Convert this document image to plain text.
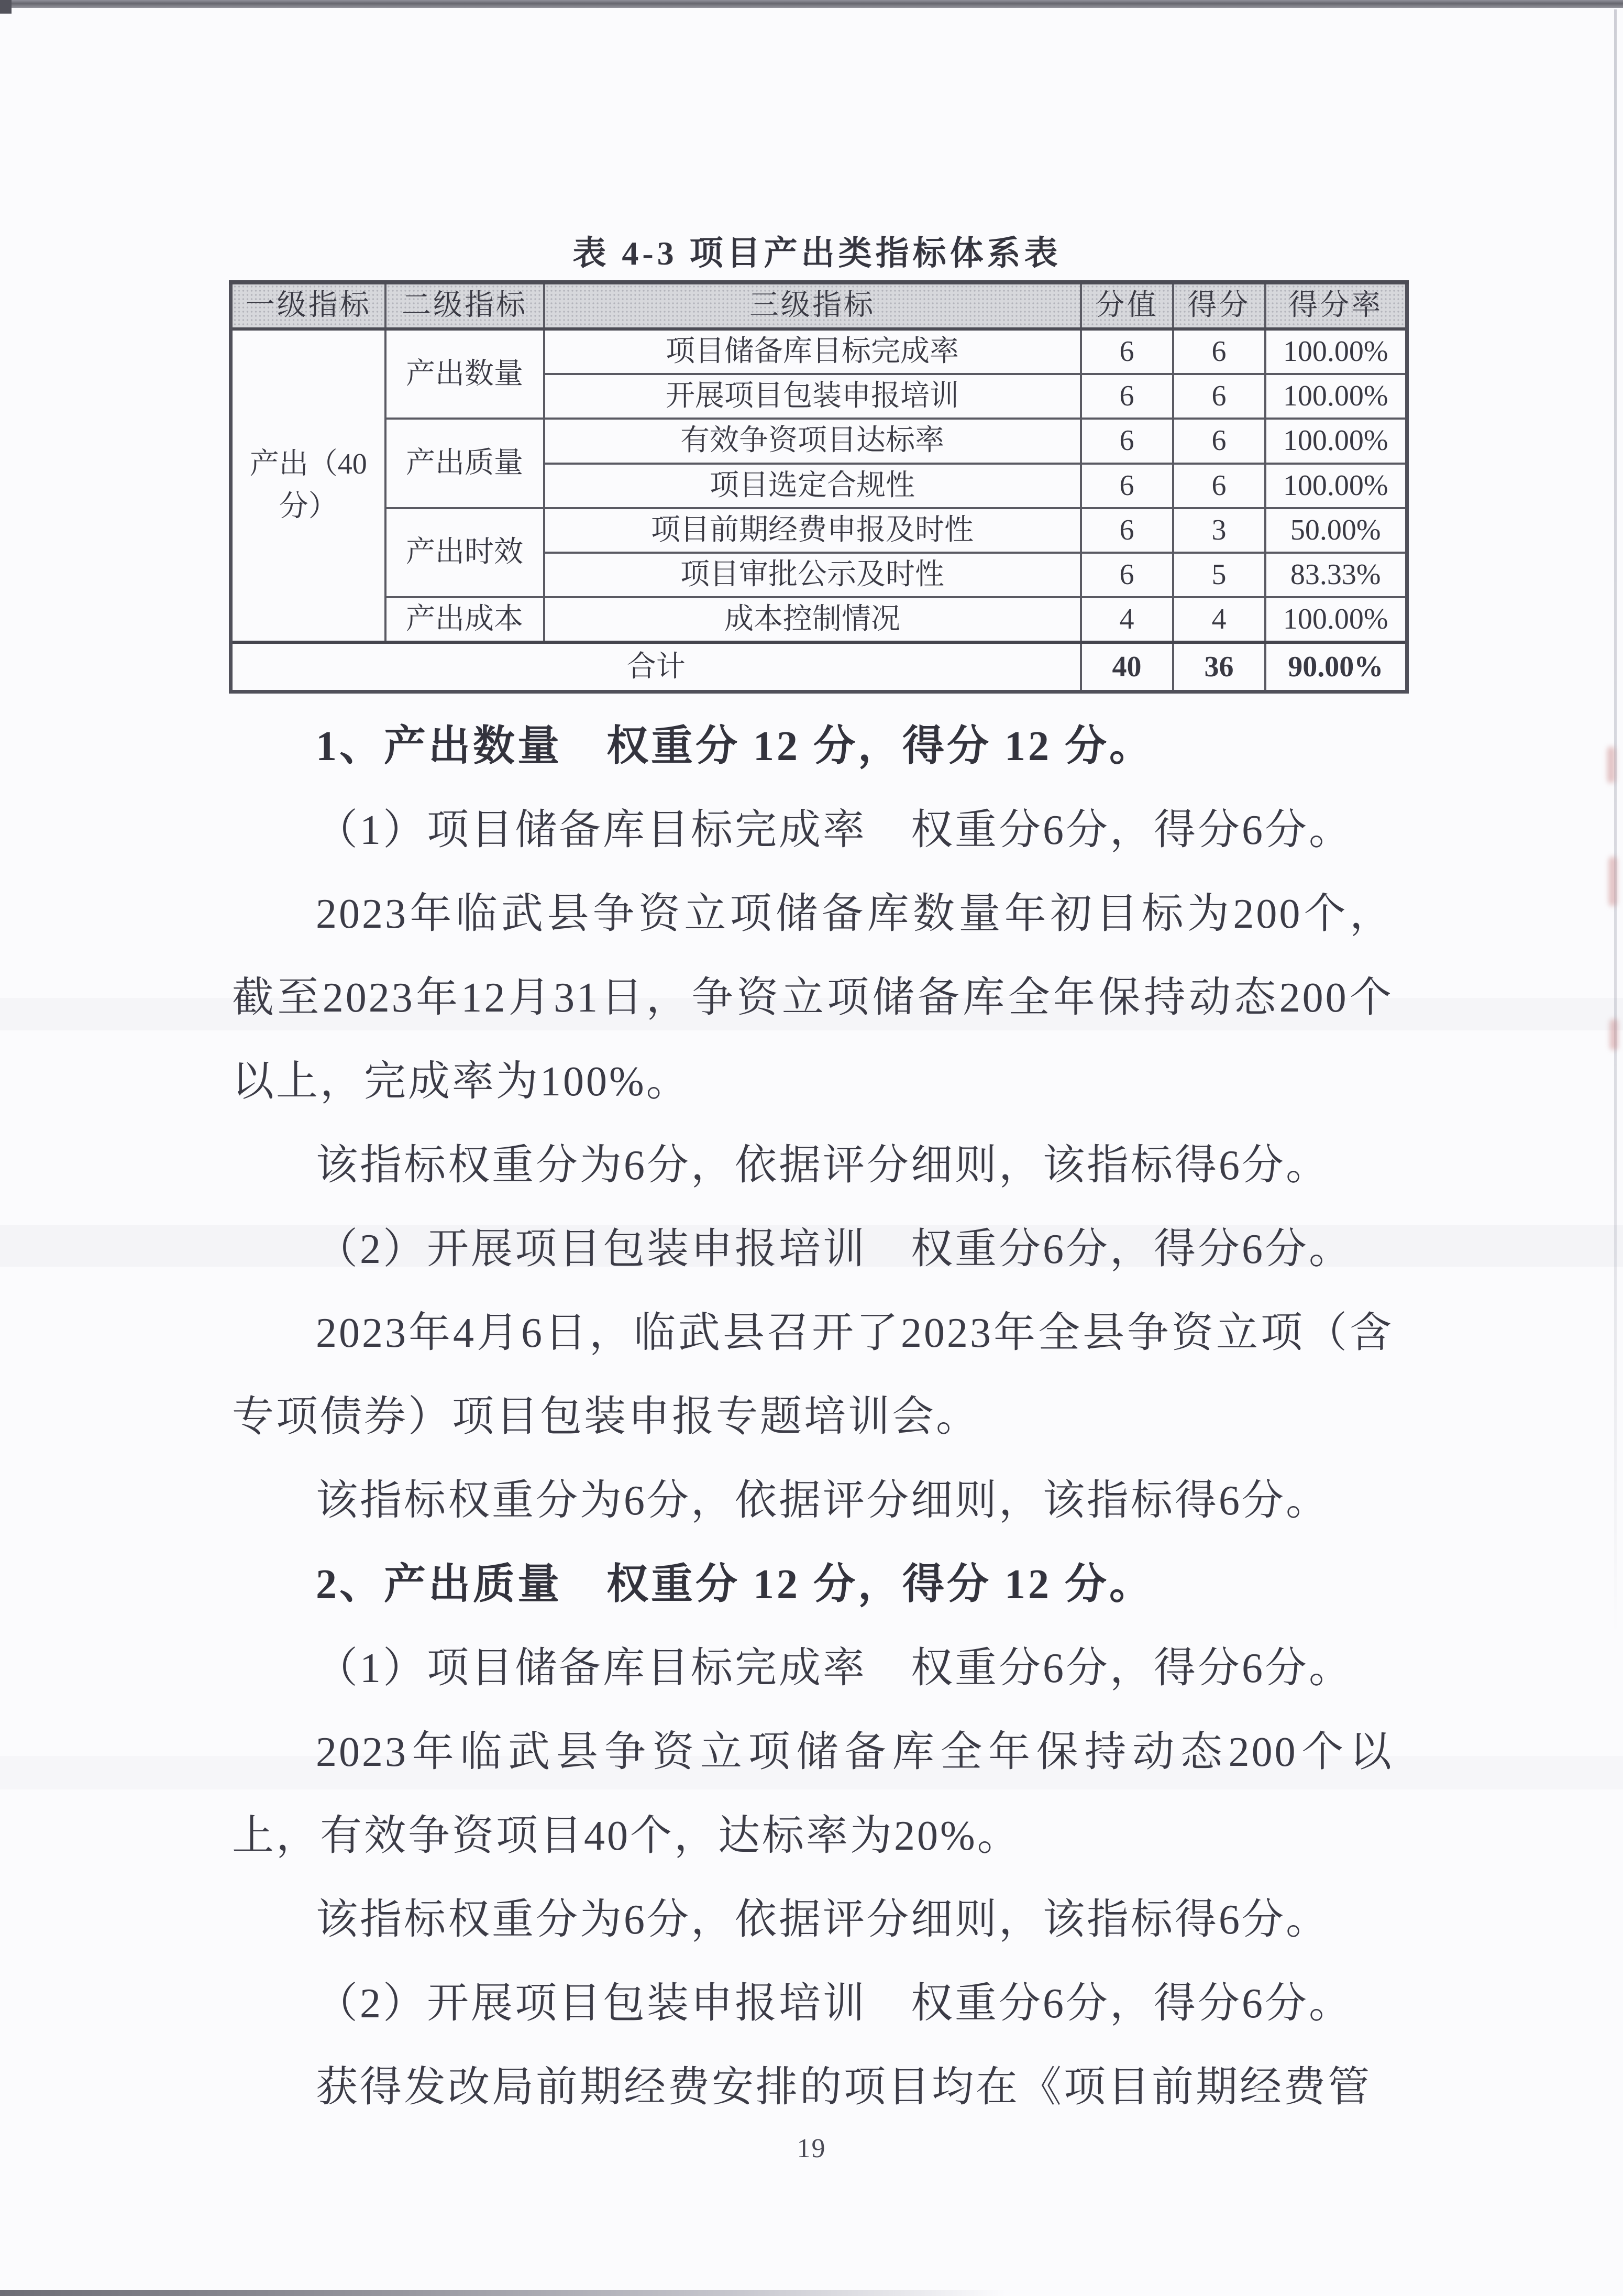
表 4-3 项目产出类指标体系表
一级指标	二级指标	三级指标	分值	得分	得分率
产出（40分）	产出数量	项目储备库目标完成率	6	6	100.00%
		开展项目包装申报培训	6	6	100.00%
	产出质量	有效争资项目达标率	6	6	100.00%
		项目选定合规性	6	6	100.00%
	产出时效	项目前期经费申报及时性	6	3	50.00%
		项目审批公示及时性	6	5	83.33%
	产出成本	成本控制情况	4	4	100.00%
合计			40	36	90.00%

1、产出数量　权重分 12 分，得分 12 分。

（1）项目储备库目标完成率　权重分6分，得分6分。

2023年临武县争资立项储备库数量年初目标为200个，截至2023年12月31日，争资立项储备库全年保持动态200个以上，完成率为100%。

该指标权重分为6分，依据评分细则，该指标得6分。

（2）开展项目包装申报培训　权重分6分，得分6分。

2023年4月6日，临武县召开了2023年全县争资立项（含专项债券）项目包装申报专题培训会。

该指标权重分为6分，依据评分细则，该指标得6分。

2、产出质量　权重分 12 分，得分 12 分。

（1）项目储备库目标完成率　权重分6分，得分6分。

2023年临武县争资立项储备库全年保持动态200个以上，有效争资项目40个，达标率为20%。

该指标权重分为6分，依据评分细则，该指标得6分。

（2）开展项目包装申报培训　权重分6分，得分6分。

获得发改局前期经费安排的项目均在《项目前期经费管

19
